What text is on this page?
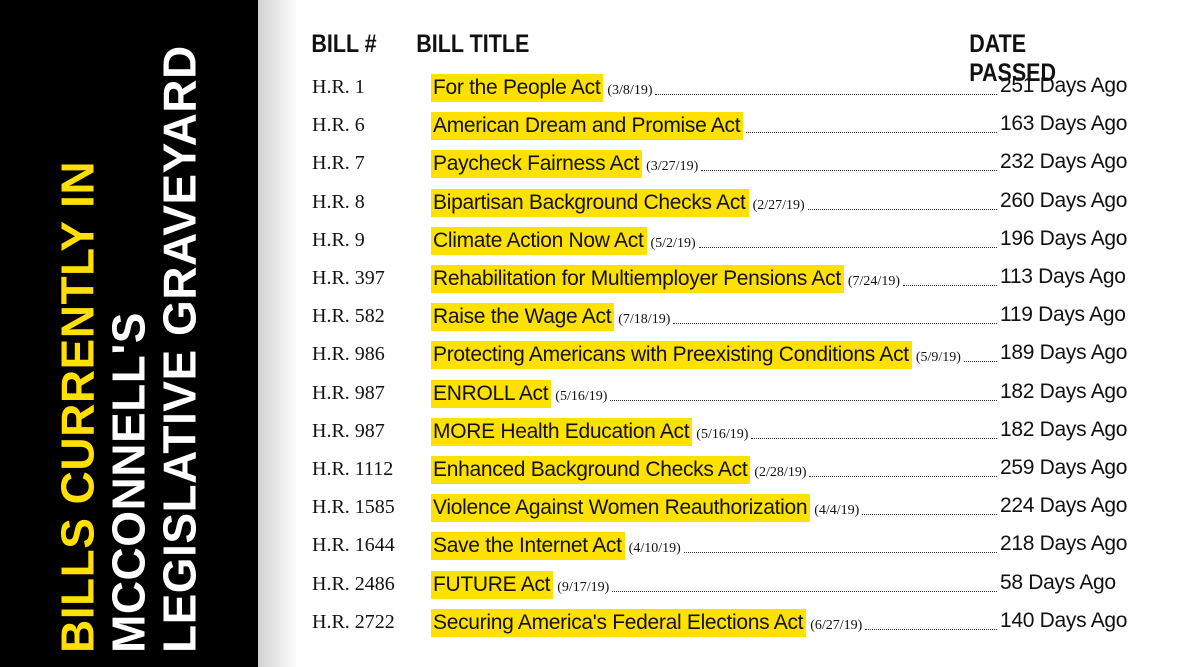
BILLS CURRENTLY IN MCCONNELL'S LEGISLATIVE GRAVEYARD
BILL # BILL TITLE	DATE PASSED
H.R. 1	For the People Act (3/8/19)	251 Days Ago
H.R. 6	American Dream and Promise Act	163 Days Ago
H.R. 7	Paycheck Fairness Act (3/27/19)	232 Days Ago
H.R. 8	Bipartisan Background Checks Act (2/27/19)	260 Days Ago
H.R. 9	Climate Action Now Act (5/2/19)	196 Days Ago
H.R. 397 Rehabilitation for Multiemployer Pensions Act (7/24/19)	113 Days Ago
H.R. 582 Raise the Wage Act (7/18/19)	119 Days Ago
H.R. 986 Protecting Americans with Preexisting Conditions Act (5/9/19) 189 Days Ago
H.R. 987 ENROLL Act (5/16/19)	182 Days Ago
H.R. 987 MORE Health Education Act (5/16/19)	182 Days Ago
H.R. 1112 Enhanced Background Checks Act (2/28/19)	259 Days Ago
H.R. 1585 Violence Against Women Reauthorization (4/4/19)	224 Days Ago
H.R. 1644 Save the Internet Act (4/10/19)	218 Days Ago
H.R. 2486 FUTURE Act (9/17/19)	58 Days Ago
H.R. 2722 Securing America's Federal Elections Act (6/27/19)	140 Days Ago
